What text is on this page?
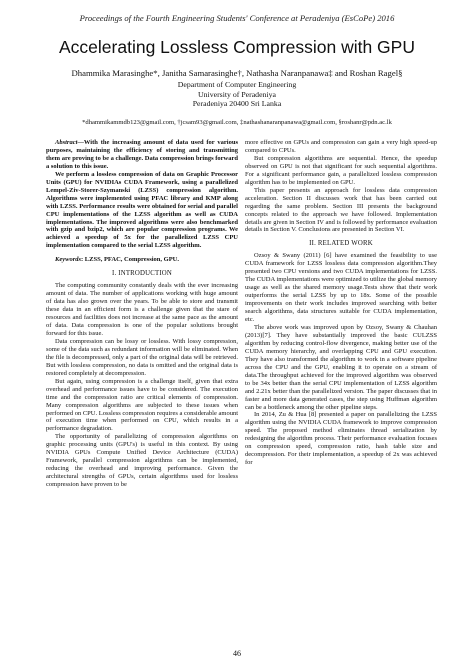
Proceedings of the Fourth Engineering Students' Conference at Peradeniya (EsCoPe) 2016
Accelerating Lossless Compression with GPU
Dhammika Marasinghe*, Janitha Samarasinghe†, Nathasha Naranpanawa‡ and Roshan Ragel§
Department of Computer Engineering
University of Peradeniya
Peradeniya 20400 Sri Lanka
*dhammikammdb123@gmail.com, †jcsam93@gmail.com, ‡nathashanaranpanawa@gmail.com, §roshanr@pdn.ac.lk

Abstract—With the increasing amount of data used for various purposes, maintaining the efficiency of storing and transmitting them are proving to be a challenge. Data compression brings forward a solution to this issue.

We perform a lossless compression of data on Graphic Processor Units (GPU) for NVIDIAs CUDA Framework, using a parallelized Lempel-Ziv-Storer-Szymanski (LZSS) compression algorithm. Algorithms were implemented using PFAC library and KMP along with LZSS. Performance results were obtained for serial and parallel CPU implementations of the LZSS algorithm as well as CUDA implementations. The improved algorithms were also benchmarked with gzip and bzip2, which are popular compression programs. We achieved a speedup of 5x for the parallelized LZSS CPU implementation compared to the serial LZSS algorithm.

Keywords: LZSS, PFAC, Compression, GPU.

I. INTRODUCTION

The computing community constantly deals with the ever increasing amount of data. The number of applications working with huge amount of data has also grown over the years. To be able to store and transmit these data in an efficient form is a challenge given that the stare of resources and facilities does not increase at the same pace as the amount of data. Data compression is one of the popular solutions brought forward for this issue.

Data compression can be lossy or lossless. With lossy compression, some of the data such as redundant information will be eliminated. When the file is decompressed, only a part of the original data will be retrieved. But with lossless compression, no data is omitted and the original data is restored completely at decompression.

But again, using compression is a challenge itself, given that extra overhead and performance issues have to be considered. The execution time and the compression ratio are critical elements of compression. Many compression algorithms are subjected to these issues when performed on CPU. Lossless compression requires a considerable amount of execution time when performed on CPU, which results in a performance degradation.

The opportunity of parallelizing of compression algorithms on graphic processing units (GPU's) is useful in this context. By using NVIDIA GPUs Compute Unified Device Architecture (CUDA) Framework, parallel compression algorithms can be implemented, reducing the overhead and improving performance. Given the architectural strengths of GPUs, certain algorithms used for lossless compression have proven to be

more effective on GPUs and compression can gain a very high speed-up compared to CPUs.

But compression algorithms are sequential. Hence, the speedup observed on GPU is not that significant for such sequential algorithms. For a significant performance gain, a parallelized lossless compression algorithm has to be implemented on GPU.

This paper presents an approach for lossless data compression acceleration. Section II discusses work that has been carried out regarding the same problem. Section III presents the background concepts related to the approach we have followed. Implementation details are given in Section IV and is followed by performance evaluation details in Section V. Conclusions are presented in Section VI.

II. RELATED WORK

Ozsoy & Swany (2011) [6] have examined the feasibility to use CUDA framework for LZSS lossless data compression algorithm.They presented two CPU versions and two CUDA implementations for LZSS. The CUDA implementations were optimized to utilize the global memory usage as well as the shared memory usage.Tests show that their work outperforms the serial LZSS by up to 18x. Some of the possible improvements on their work includes improved searching with better search algorithms, data structures suitable for CUDA implementation, etc.

The above work was improved upon by Ozsoy, Swany & Chauhan (2013)[7]. They have substantially improved the basic CULZSS algorithm by reducing control-flow divergence, making better use of the CUDA memory hierarchy, and overlapping CPU and GPU execution. They have also transformed the algorithm to work in a software pipeline across the CPU and the GPU, enabling it to operate on a stream of data.The throughput achieved for the improved algorithm was observed to be 34x better than the serial CPU implementation of LZSS algorithm and 2.21x better than the parallelized version. The paper discusses that in faster and more data generated cases, the step using Huffman algorithm can be a bottleneck among the other pipeline steps.

In 2014, Zu & Hua [8] presented a paper on parallelizing the LZSS algorithm using the NVIDIA CUDA framework to improve compression speed. The proposed method eliminates thread serialization by redesigning the algorithm process. Their performance evaluation focuses on compression speed, compression ratio, hash table size and decompression. For their implementation, a speedup of 2x was achieved for

46
